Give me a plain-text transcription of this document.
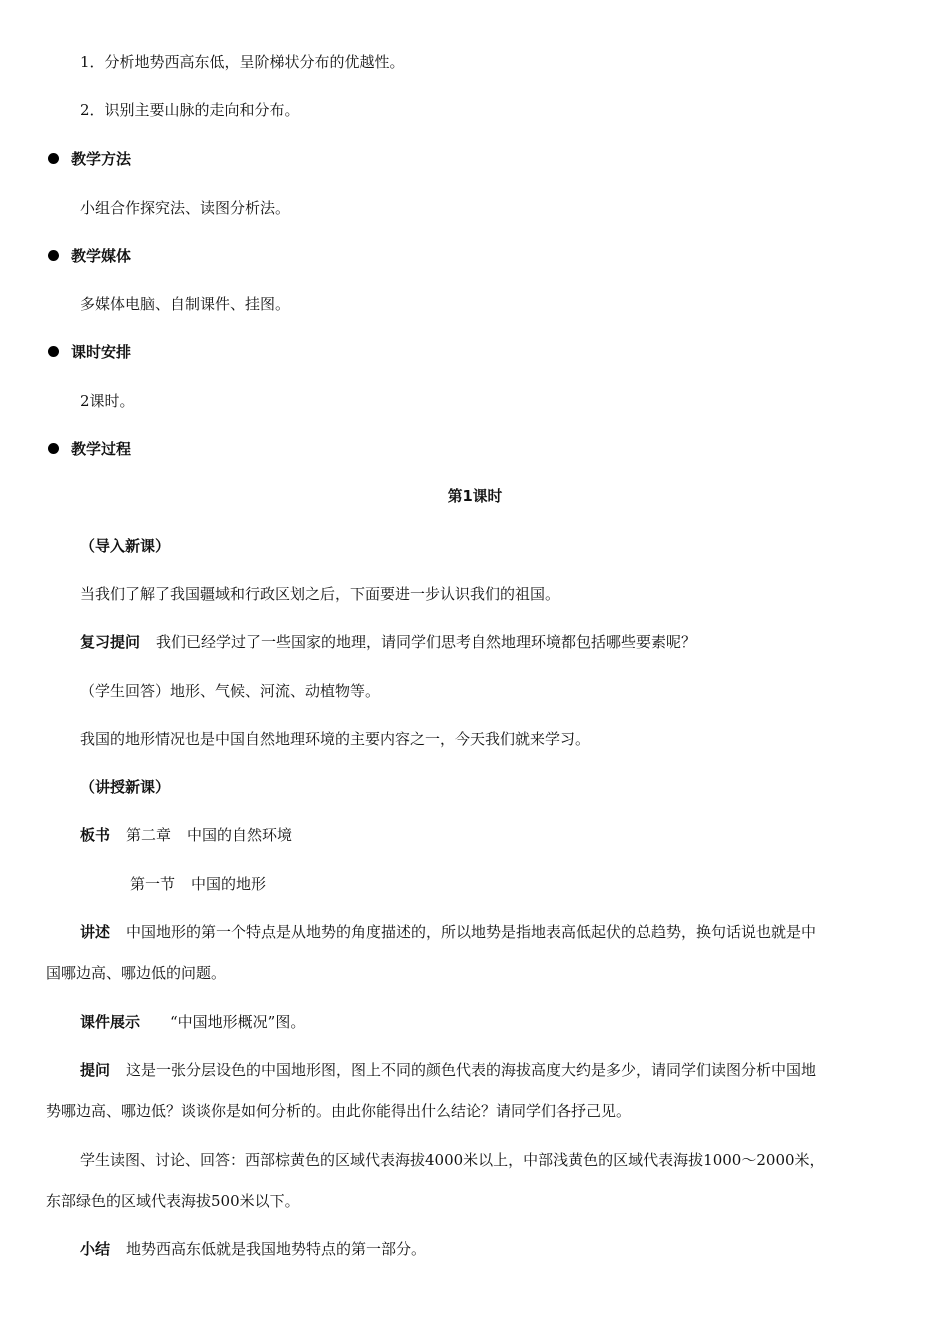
1．分析地势西高东低，呈阶梯状分布的优越性。
2．识别主要山脉的走向和分布。
教学方法
小组合作探究法、读图分析法。
教学媒体
多媒体电脑、自制课件、挂图。
课时安排
2课时。
教学过程
第1课时
（导入新课）
当我们了解了我国疆域和行政区划之后，下面要进一步认识我们的祖国。
复习提问 我们已经学过了一些国家的地理，请同学们思考自然地理环境都包括哪些要素呢？
（学生回答）地形、气候、河流、动植物等。
我国的地形情况也是中国自然地理环境的主要内容之一，今天我们就来学习。
（讲授新课）
板书 第二章 中国的自然环境
第一节 中国的地形
讲述 中国地形的第一个特点是从地势的角度描述的，所以地势是指地表高低起伏的总趋势，换句话说也就是中
国哪边高、哪边低的问题。
课件展示 “中国地形概况”图。
提问 这是一张分层设色的中国地形图，图上不同的颜色代表的海拔高度大约是多少，请同学们读图分析中国地
势哪边高、哪边低？谈谈你是如何分析的。由此你能得出什么结论？请同学们各抒己见。
学生读图、讨论、回答：西部棕黄色的区域代表海拔4000米以上，中部浅黄色的区域代表海拔1000～2000米，
东部绿色的区域代表海拔500米以下。
小结 地势西高东低就是我国地势特点的第一部分。
